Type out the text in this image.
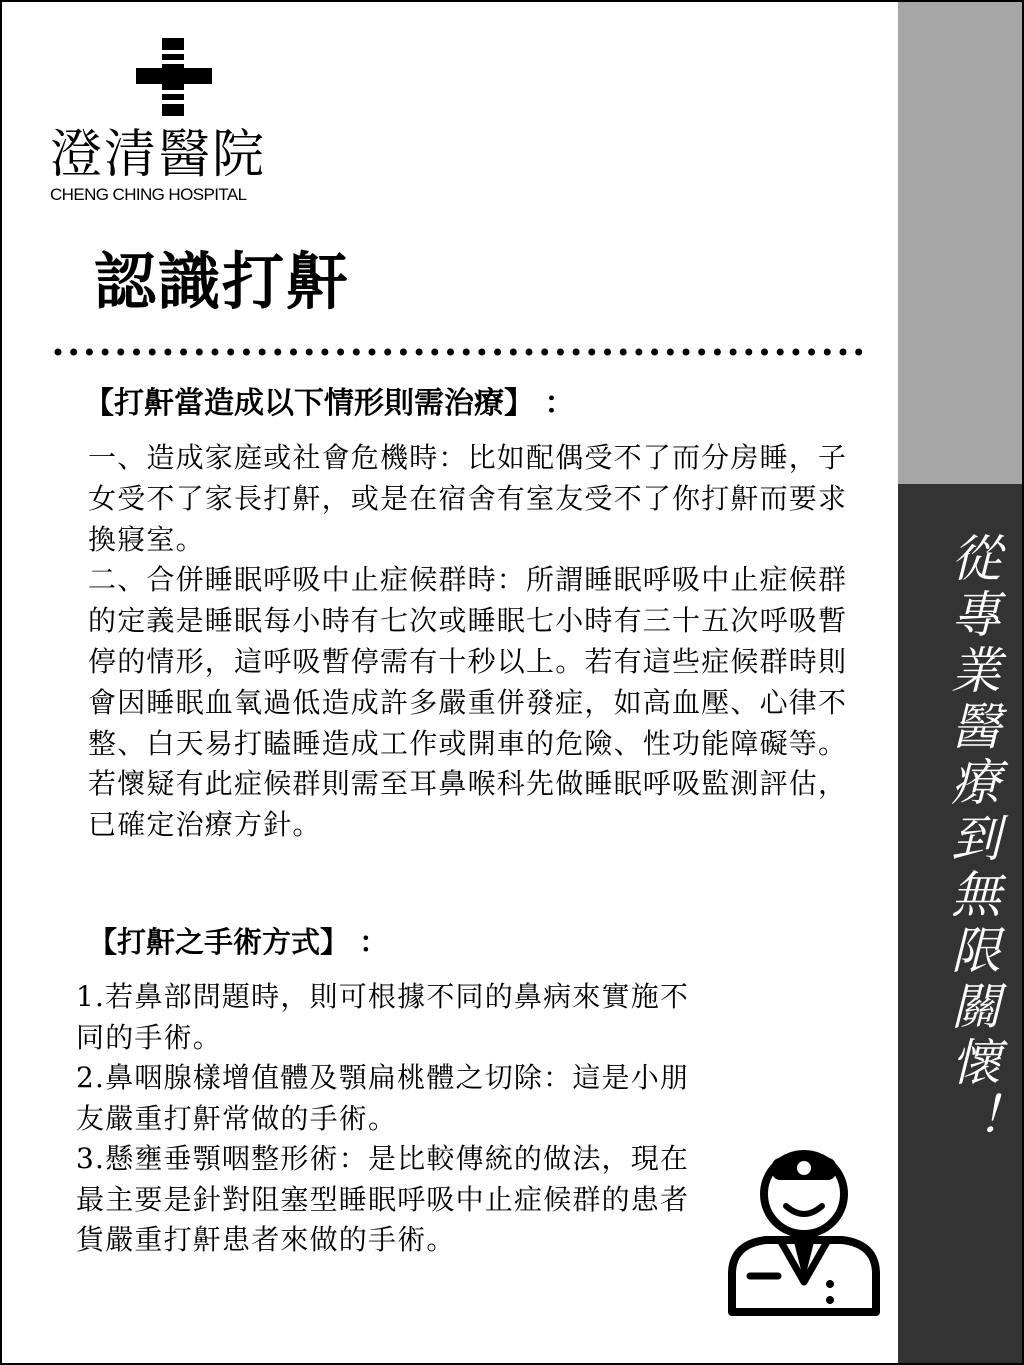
從專業醫療到無限關懷！
澄清醫院
CHENG CHING HOSPITAL
認識打鼾
【打鼾當造成以下情形則需治療】 ：

一、造成家庭或社會危機時：比如配偶受不了而分房睡，子女受不了家長打鼾，或是在宿舍有室友受不了你打鼾而要求換寢室。

二、合併睡眠呼吸中止症候群時：所謂睡眠呼吸中止症候群的定義是睡眠每小時有七次或睡眠七小時有三十五次呼吸暫停的情形，這呼吸暫停需有十秒以上。若有這些症候群時則會因睡眠血氧過低造成許多嚴重併發症，如高血壓、心律不整、白天易打瞌睡造成工作或開車的危險、性功能障礙等。若懷疑有此症候群則需至耳鼻喉科先做睡眠呼吸監測評估，已確定治療方針。

【打鼾之手術方式】 ：

1.若鼻部問題時，則可根據不同的鼻病來實施不同的手術。

2.鼻咽腺樣增值體及顎扁桃體之切除：這是小朋友嚴重打鼾常做的手術。

3.懸壅垂顎咽整形術：是比較傳統的做法，現在最主要是針對阻塞型睡眠呼吸中止症候群的患者貨嚴重打鼾患者來做的手術。
